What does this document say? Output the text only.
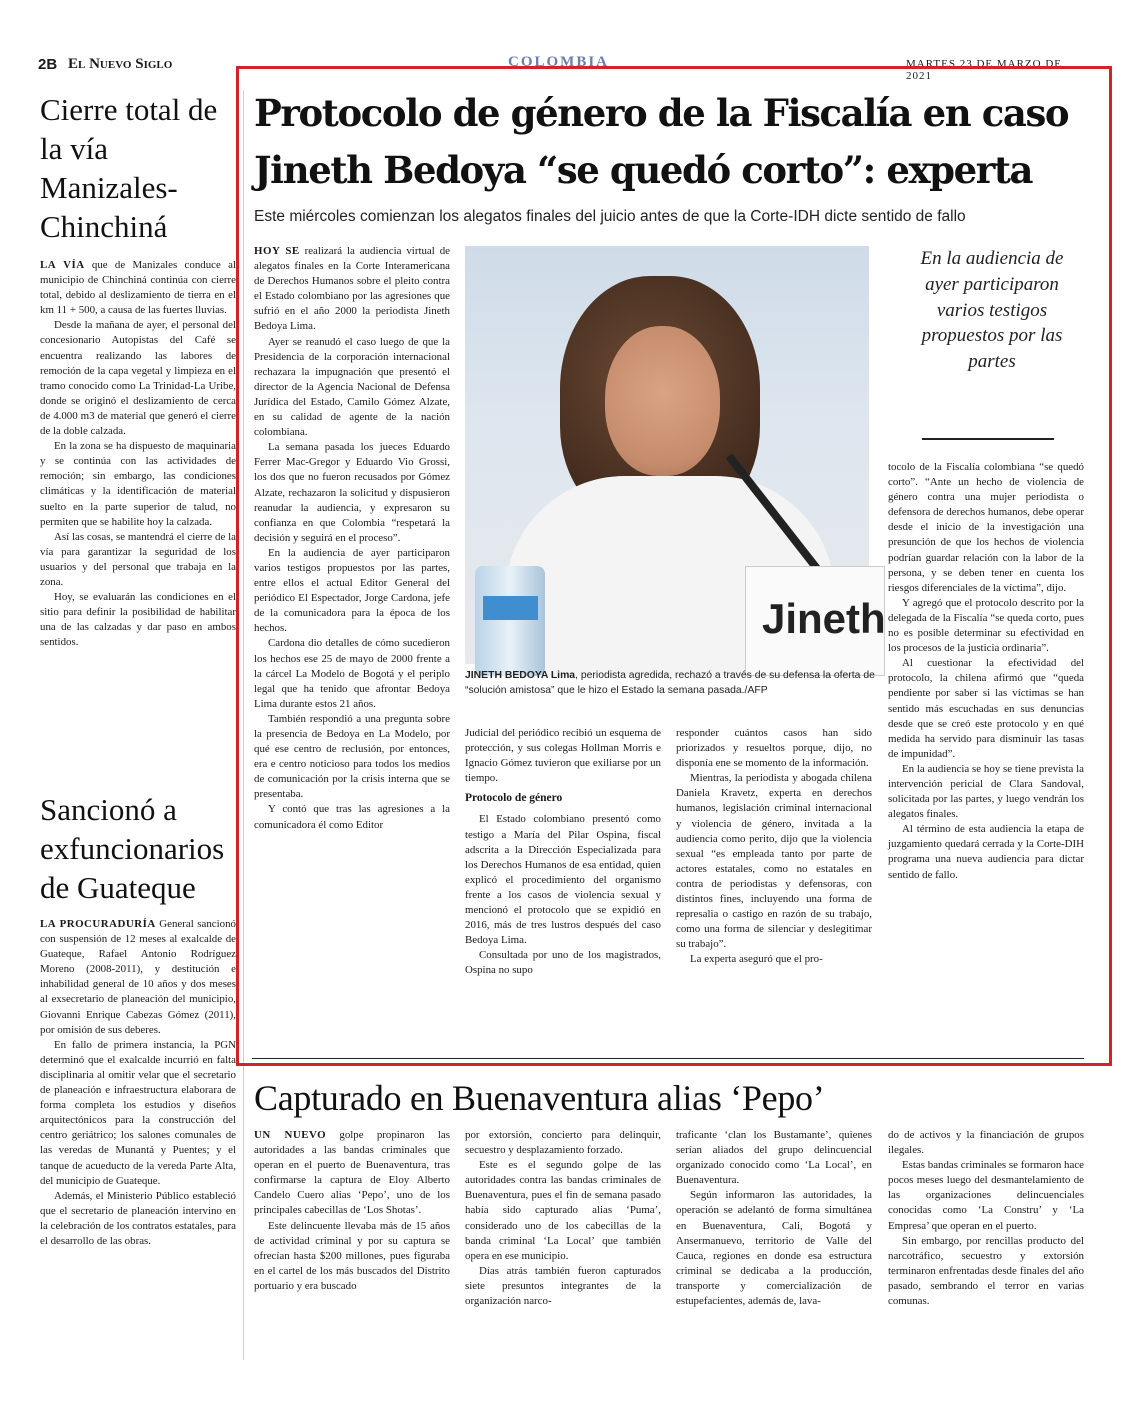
2B El Nuevo Siglo	COLOMBIA	MARTES 23 DE MARZO DE 2021
Cierre total de la vía Manizales-Chinchiná

LA VÍA que de Manizales conduce al municipio de Chinchiná continúa con cierre total, debido al deslizamiento de tierra en el km 11 + 500, a causa de las fuertes lluvias.

Desde la mañana de ayer, el personal del concesionario Autopistas del Café se encuentra realizando las labores de remoción de la capa vegetal y limpieza en el tramo conocido como La Trinidad-La Uribe, donde se originó el deslizamiento de cerca de 4.000 m3 de material que generó el cierre de la doble calzada.

En la zona se ha dispuesto de maquinaria y se continúa con las actividades de remoción; sin embargo, las condiciones climáticas y la identificación de material suelto en la parte superior de talud, no permiten que se habilite hoy la calzada.

Así las cosas, se mantendrá el cierre de la vía para garantizar la seguridad de los usuarios y del personal que trabaja en la zona.

Hoy, se evaluarán las condiciones en el sitio para definir la posibilidad de habilitar una de las calzadas y dar paso en ambos sentidos.

Sancionó a exfuncionarios de Guateque

LA PROCURADURÍA General sancionó con suspensión de 12 meses al exalcalde de Guateque, Rafael Antonio Rodríguez Moreno (2008-2011), y destitución e inhabilidad general de 10 años y dos meses al exsecretario de planeación del municipio, Giovanni Enrique Cabezas Gómez (2011), por omisión de sus deberes.

En fallo de primera instancia, la PGN determinó que el exalcalde incurrió en falta disciplinaria al omitir velar que el secretario de planeación e infraestructura elaborara de forma completa los estudios y diseños arquitectónicos para la construcción del centro geriátrico; los salones comunales de las veredas de Munantá y Puentes; y el tanque de acueducto de la vereda Parte Alta, del municipio de Guateque.

Además, el Ministerio Público estableció que el secretario de planeación intervino en la celebración de los contratos estatales, para el desarrollo de las obras.

Protocolo de género de la Fiscalía en caso
Jineth Bedoya “se quedó corto”: experta
Este miércoles comienzan los alegatos finales del juicio antes de que la Corte-IDH dicte sentido de fallo

HOY SE realizará la audiencia virtual de alegatos finales en la Corte Interamericana de Derechos Humanos sobre el pleito contra el Estado colombiano por las agresiones que sufrió en el año 2000 la periodista Jineth Bedoya Lima.

Ayer se reanudó el caso luego de que la Presidencia de la corporación internacional rechazara la impugnación que presentó el director de la Agencia Nacional de Defensa Jurídica del Estado, Camilo Gómez Alzate, en su calidad de agente de la nación colombiana.

La semana pasada los jueces Eduardo Ferrer Mac-Gregor y Eduardo Vio Grossi, los dos que no fueron recusados por Gómez Alzate, rechazaron la solicitud y dispusieron reanudar la audiencia, y expresaron su confianza en que Colombia “respetará la decisión y seguirá en el proceso”.

En la audiencia de ayer participaron varios testigos propuestos por las partes, entre ellos el actual Editor General del periódico El Espectador, Jorge Cardona, jefe de la comunicadora para la época de los hechos.

Cardona dio detalles de cómo sucedieron los hechos ese 25 de mayo de 2000 frente a la cárcel La Modelo de Bogotá y el periplo legal que ha tenido que afrontar Bedoya Lima durante estos 21 años.

También respondió a una pregunta sobre la presencia de Bedoya en La Modelo, por qué ese centro de reclusión, por entonces, era e centro noticioso para todos los medios de comunicación por la crisis interna que se presentaba.

Y contó que tras las agresiones a la comunicadora él como Editor

Jineth
JINETH BEDOYA Lima, periodista agredida, rechazó a través de su defensa la oferta de “solución amistosa” que le hizo el Estado la semana pasada./AFP
En la audiencia de ayer participaron varios testigos propuestos por las partes

Judicial del periódico recibió un esquema de protección, y sus colegas Hollman Morris e Ignacio Gómez tuvieron que exiliarse por un tiempo.

Protocolo de género

El Estado colombiano presentó como testigo a María del Pilar Ospina, fiscal adscrita a la Dirección Especializada para los Derechos Humanos de esa entidad, quien explicó el procedimiento del organismo frente a los casos de violencia sexual y mencionó el protocolo que se expidió en 2016, más de tres lustros después del caso Bedoya Lima.

Consultada por uno de los magistrados, Ospina no supo

responder cuántos casos han sido priorizados y resueltos porque, dijo, no disponía ene se momento de la información.

Mientras, la periodista y abogada chilena Daniela Kravetz, experta en derechos humanos, legislación criminal internacional y violencia de género, invitada a la audiencia como perito, dijo que la violencia sexual “es empleada tanto por parte de actores estatales, como no estatales en contra de periodistas y defensoras, con distintos fines, incluyendo una forma de represalia o castigo en razón de su trabajo, como una forma de silenciar y deslegitimar su trabajo”.

La experta aseguró que el pro-

tocolo de la Fiscalía colombiana “se quedó corto”. “Ante un hecho de violencia de género contra una mujer periodista o defensora de derechos humanos, debe operar desde el inicio de la investigación una presunción de que los hechos de violencia podrían guardar relación con la labor de la persona, y se deben tener en cuenta los riesgos diferenciales de la víctima”, dijo.

Y agregó que el protocolo descrito por la delegada de la Fiscalía “se queda corto, pues no es posible determinar su efectividad en los procesos de la justicia ordinaria”.

Al cuestionar la efectividad del protocolo, la chilena afirmó que “queda pendiente por saber si las víctimas se han sentido más escuchadas en sus denuncias desde que se creó este protocolo y en qué medida ha servido para disminuir las tasas de impunidad”.

En la audiencia se hoy se tiene prevista la intervención pericial de Clara Sandoval, solicitada por las partes, y luego vendrán los alegatos finales.

Al término de esta audiencia la etapa de juzgamiento quedará cerrada y la Corte-DIH programa una nueva audiencia para dictar sentido de fallo.

Capturado en Buenaventura alias ‘Pepo’

UN NUEVO golpe propinaron las autoridades a las bandas criminales que operan en el puerto de Buenaventura, tras confirmarse la captura de Eloy Alberto Candelo Cuero alias ‘Pepo’, uno de los principales cabecillas de ‘Los Shotas’.

Este delincuente llevaba más de 15 años de actividad criminal y por su captura se ofrecían hasta $200 millones, pues figuraba en el cartel de los más buscados del Distrito portuario y era buscado

por extorsión, concierto para delinquir, secuestro y desplazamiento forzado.

Este es el segundo golpe de las autoridades contra las bandas criminales de Buenaventura, pues el fin de semana pasado había sido capturado alias ‘Puma’, considerado uno de los cabecillas de la banda criminal ‘La Local’ que también opera en ese municipio.

Días atrás también fueron capturados siete presuntos integrantes de la organización narco-

traficante ‘clan los Bustamante’, quienes serían aliados del grupo delincuencial organizado conocido como ‘La Local’, en Buenaventura.

Según informaron las autoridades, la operación se adelantó de forma simultánea en Buenaventura, Cali, Bogotá y Ansermanuevo, territorio de Valle del Cauca, regiones en donde esa estructura criminal se dedicaba a la producción, transporte y comercialización de estupefacientes, además de, lava-

do de activos y la financiación de grupos ilegales.

Estas bandas criminales se formaron hace pocos meses luego del desmantelamiento de las organizaciones delincuenciales conocidas como ‘La Constru’ y ‘La Empresa’ que operan en el puerto.

Sin embargo, por rencillas producto del narcotráfico, secuestro y extorsión terminaron enfrentadas desde finales del año pasado, sembrando el terror en varias comunas.
